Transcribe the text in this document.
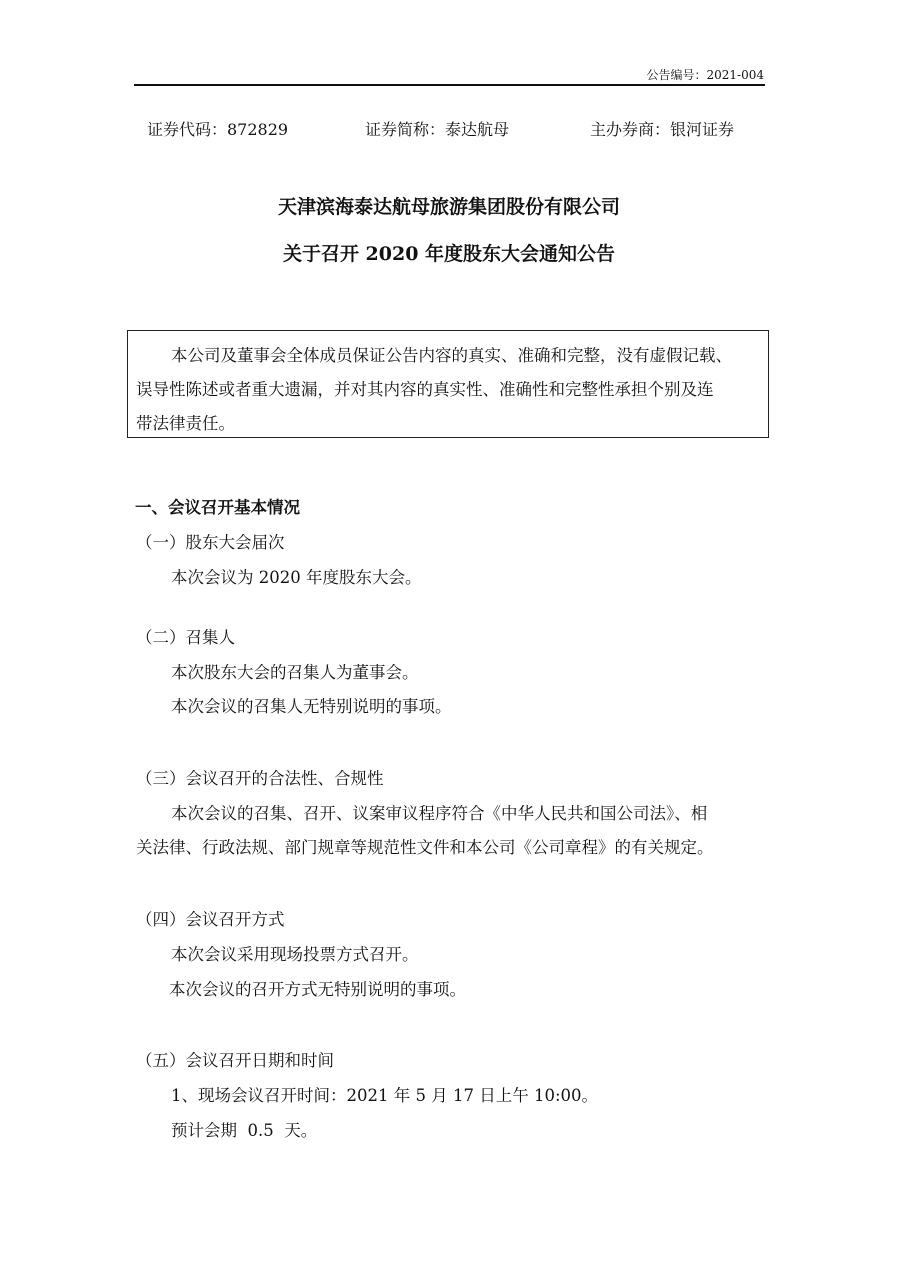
公告编号：2021-004
证券代码：872829	证券简称：泰达航母	主办券商：银河证券
天津滨海泰达航母旅游集团股份有限公司
关于召开 2020 年度股东大会通知公告
本公司及董事会全体成员保证公告内容的真实、准确和完整，没有虚假记载、
误导性陈述或者重大遗漏，并对其内容的真实性、准确性和完整性承担个别及连
带法律责任。
一、会议召开基本情况
（一）股东大会届次
本次会议为 2020 年度股东大会。
（二）召集人
本次股东大会的召集人为董事会。
本次会议的召集人无特别说明的事项。
（三）会议召开的合法性、合规性
本次会议的召集、召开、议案审议程序符合《中华人民共和国公司法》、相
关法律、行政法规、部门规章等规范性文件和本公司《公司章程》的有关规定。
（四）会议召开方式
本次会议采用现场投票方式召开。
本次会议的召开方式无特别说明的事项。
（五）会议召开日期和时间
1、现场会议召开时间：2021 年 5 月 17 日上午 10:00。
预计会期  0.5  天。
